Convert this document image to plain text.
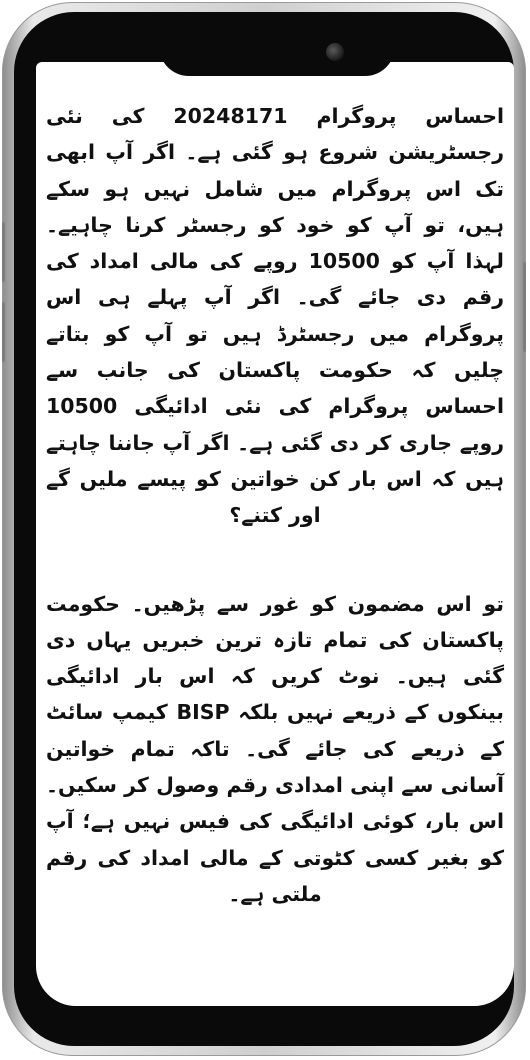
احساس پروگرام 20248171 کی نئی رجسٹریشن شروع ہو گئی ہے۔ اگر آپ ابھی تک اس پروگرام میں شامل نہیں ہو سکے ہیں، تو آپ کو خود کو رجسٹر کرنا چاہیے۔ لہذا آپ کو 10500 روپے کی مالی امداد کی رقم دی جائے گی۔ اگر آپ پہلے ہی اس پروگرام میں رجسٹرڈ ہیں تو آپ کو بتاتے چلیں کہ حکومت پاکستان کی جانب سے احساس پروگرام کی نئی ادائیگی 10500 روپے جاری کر دی گئی ہے۔ اگر آپ جاننا چاہتے ہیں کہ اس بار کن خواتین کو پیسے ملیں گے اور کتنے؟

تو اس مضمون کو غور سے پڑھیں۔ حکومت پاکستان کی تمام تازہ ترین خبریں یہاں دی گئی ہیں۔ نوٹ کریں کہ اس بار ادائیگی بینکوں کے ذریعے نہیں بلکہ BISP کیمپ سائٹ کے ذریعے کی جائے گی۔ تاکہ تمام خواتین آسانی سے اپنی امدادی رقم وصول کر سکیں۔ اس بار، کوئی ادائیگی کی فیس نہیں ہے؛ آپ کو بغیر کسی کٹوتی کے مالی امداد کی رقم ملتی ہے۔
